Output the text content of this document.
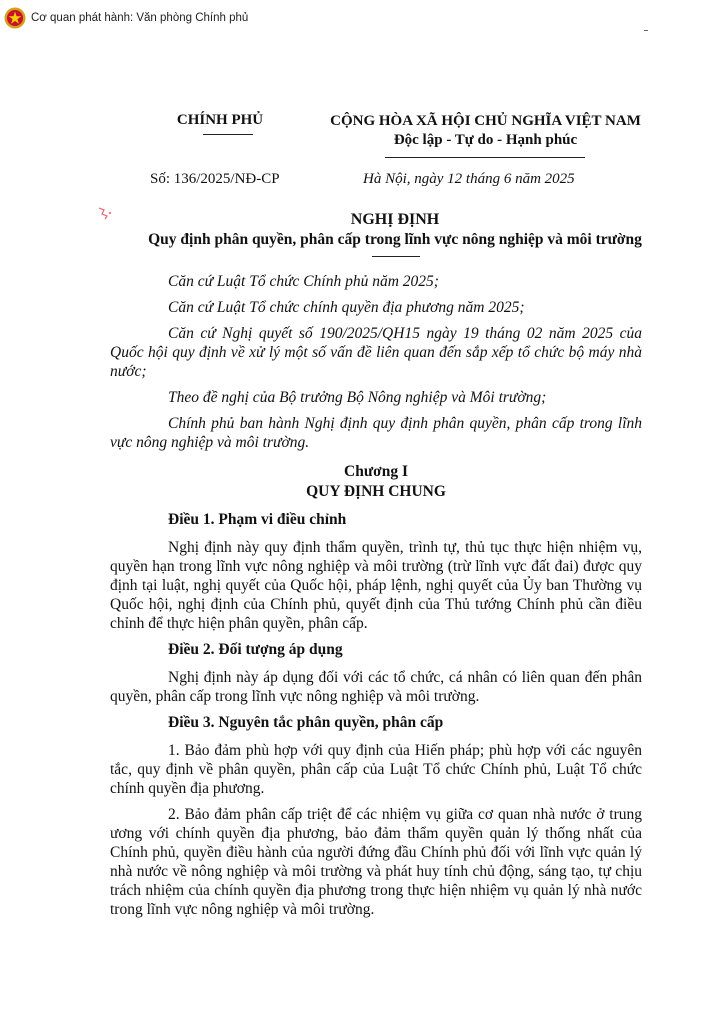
Cơ quan phát hành: Văn phòng Chính phủ
CHÍNH PHỦ	CỘNG HÒA XÃ HỘI CHỦ NGHĨA VIỆT NAM
Độc lập - Tự do - Hạnh phúc
Số: 136/2025/NĐ-CP	Hà Nội, ngày 12 tháng 6 năm 2025
NGHỊ ĐỊNH
Quy định phân quyền, phân cấp trong lĩnh vực nông nghiệp và môi trường

Căn cứ Luật Tổ chức Chính phủ năm 2025;

Căn cứ Luật Tổ chức chính quyền địa phương năm 2025;

Căn cứ Nghị quyết số 190/2025/QH15 ngày 19 tháng 02 năm 2025 của Quốc hội quy định về xử lý một số vấn đề liên quan đến sắp xếp tổ chức bộ máy nhà nước;

Theo đề nghị của Bộ trưởng Bộ Nông nghiệp và Môi trường;

Chính phủ ban hành Nghị định quy định phân quyền, phân cấp trong lĩnh vực nông nghiệp và môi trường.

Chương I
QUY ĐỊNH CHUNG

Điều 1. Phạm vi điều chỉnh

Nghị định này quy định thẩm quyền, trình tự, thủ tục thực hiện nhiệm vụ, quyền hạn trong lĩnh vực nông nghiệp và môi trường (trừ lĩnh vực đất đai) được quy định tại luật, nghị quyết của Quốc hội, pháp lệnh, nghị quyết của Ủy ban Thường vụ Quốc hội, nghị định của Chính phủ, quyết định của Thủ tướng Chính phủ cần điều chỉnh để thực hiện phân quyền, phân cấp.

Điều 2. Đối tượng áp dụng

Nghị định này áp dụng đối với các tổ chức, cá nhân có liên quan đến phân quyền, phân cấp trong lĩnh vực nông nghiệp và môi trường.

Điều 3. Nguyên tắc phân quyền, phân cấp

1. Bảo đảm phù hợp với quy định của Hiến pháp; phù hợp với các nguyên tắc, quy định về phân quyền, phân cấp của Luật Tổ chức Chính phủ, Luật Tổ chức chính quyền địa phương.

2. Bảo đảm phân cấp triệt để các nhiệm vụ giữa cơ quan nhà nước ở trung ương với chính quyền địa phương, bảo đảm thẩm quyền quản lý thống nhất của Chính phủ, quyền điều hành của người đứng đầu Chính phủ đối với lĩnh vực quản lý nhà nước về nông nghiệp và môi trường và phát huy tính chủ động, sáng tạo, tự chịu trách nhiệm của chính quyền địa phương trong thực hiện nhiệm vụ quản lý nhà nước trong lĩnh vực nông nghiệp và môi trường.
